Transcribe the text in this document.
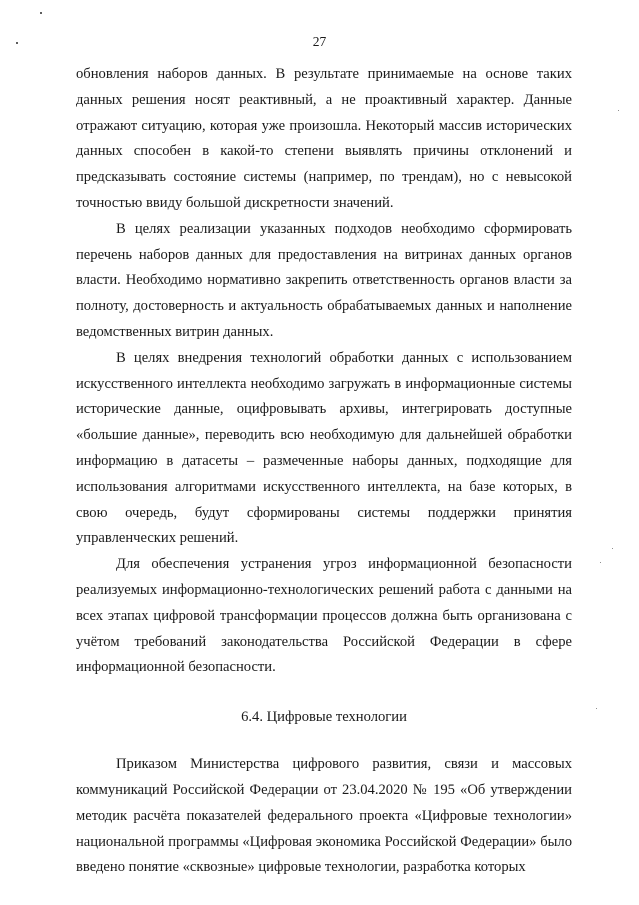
27

обновления наборов данных. В результате принимаемые на основе таких данных решения носят реактивный, а не проактивный характер. Данные отражают ситуацию, которая уже произошла. Некоторый массив исторических данных способен в какой-то степени выявлять причины отклонений и предсказывать состояние системы (например, по трендам), но с невысокой точностью ввиду большой дискретности значений.

В целях реализации указанных подходов необходимо сформировать перечень наборов данных для предоставления на витринах данных органов власти. Необходимо нормативно закрепить ответственность органов власти за полноту, достоверность и актуальность обрабатываемых данных и наполнение ведомственных витрин данных.

В целях внедрения технологий обработки данных с использованием искусственного интеллекта необходимо загружать в информационные системы исторические данные, оцифровывать архивы, интегрировать доступные «большие данные», переводить всю необходимую для дальнейшей обработки информацию в датасеты – размеченные наборы данных, подходящие для использования алгоритмами искусственного интеллекта, на базе которых, в свою очередь, будут сформированы системы поддержки принятия управленческих решений.

Для обеспечения устранения угроз информационной безопасности реализуемых информационно-технологических решений работа с данными на всех этапах цифровой трансформации процессов должна быть организована с учётом требований законодательства Российской Федерации в сфере информационной безопасности.

6.4. Цифровые технологии

Приказом Министерства цифрового развития, связи и массовых коммуникаций Российской Федерации от 23.04.2020 № 195 «Об утверждении методик расчёта показателей федерального проекта «Цифровые технологии» национальной программы «Цифровая экономика Российской Федерации» было введено понятие «сквозные» цифровые технологии, разработка которых
